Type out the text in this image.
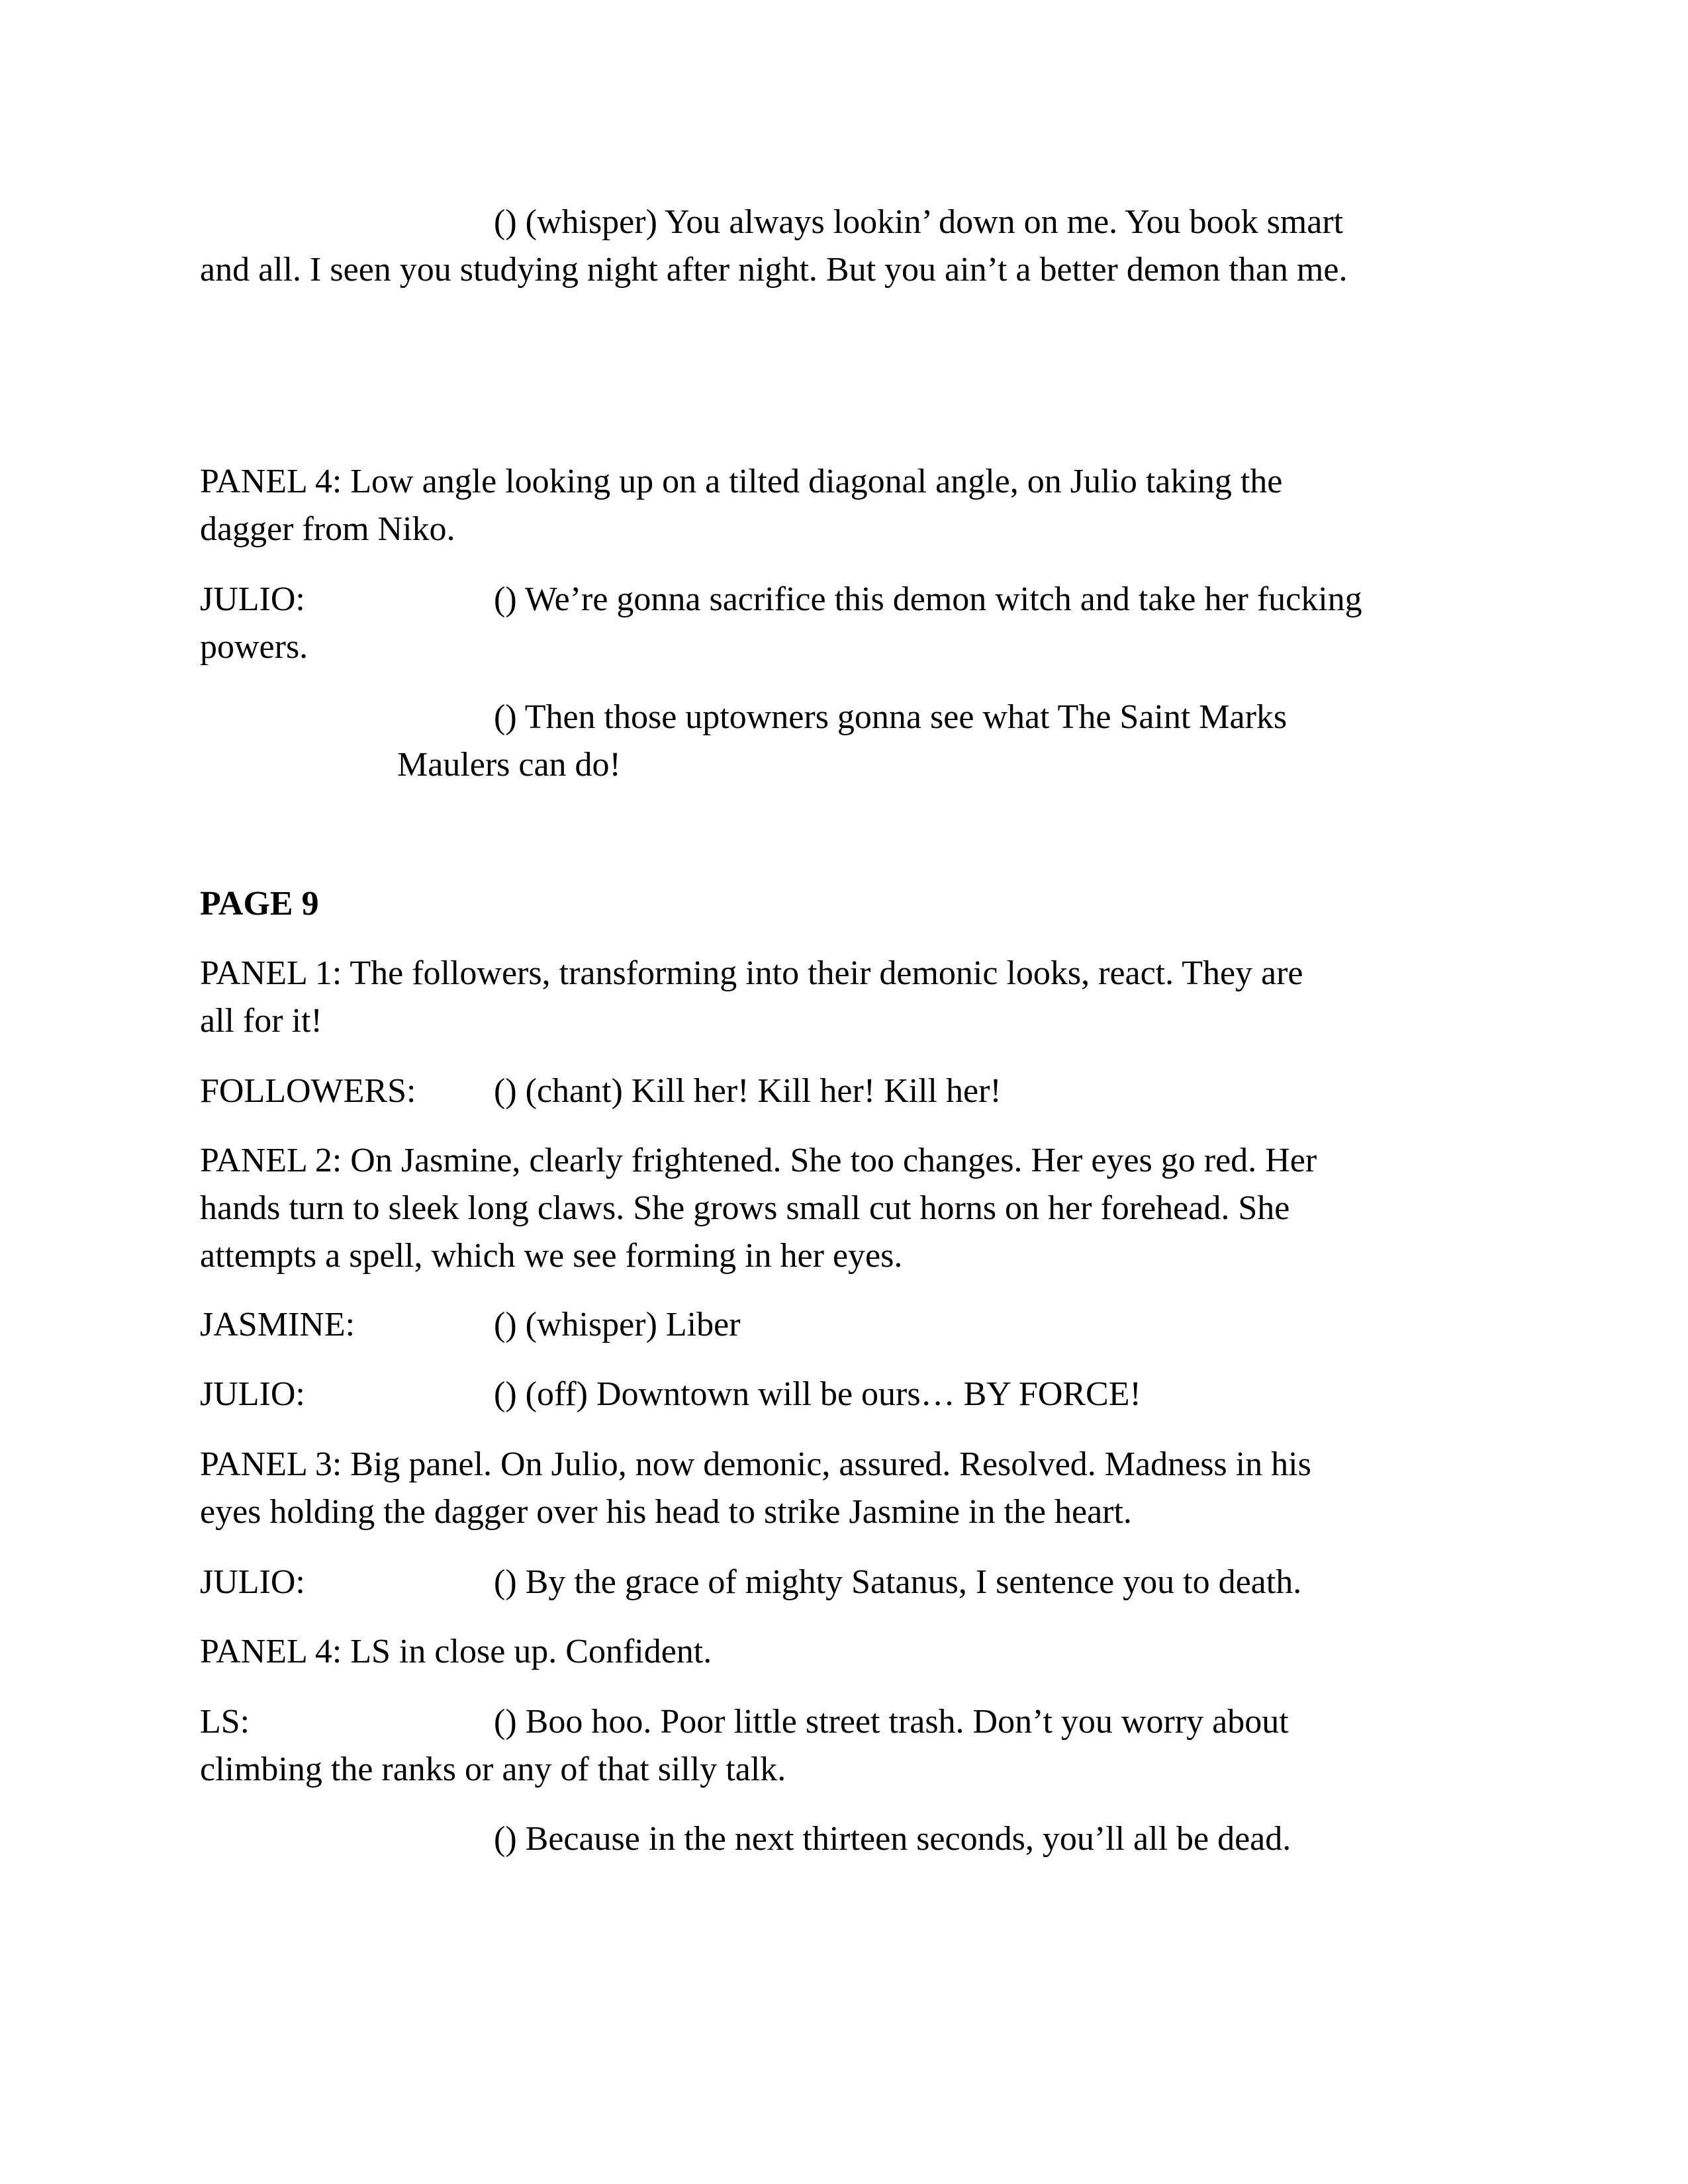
() (whisper) You always lookin’ down on me. You book smart
and all. I seen you studying night after night. But you ain’t a better demon than me.
PANEL 4: Low angle looking up on a tilted diagonal angle, on Julio taking the
dagger from Niko.
JULIO:	() We’re gonna sacrifice this demon witch and take her fucking
powers.
() Then those uptowners gonna see what The Saint Marks
Maulers can do!
PAGE 9
PANEL 1: The followers, transforming into their demonic looks, react. They are
all for it!
FOLLOWERS: () (chant) Kill her! Kill her! Kill her!
PANEL 2: On Jasmine, clearly frightened. She too changes. Her eyes go red. Her
hands turn to sleek long claws. She grows small cut horns on her forehead. She
attempts a spell, which we see forming in her eyes.
JASMINE:	() (whisper) Liber
JULIO:	() (off) Downtown will be ours… BY FORCE!
PANEL 3: Big panel. On Julio, now demonic, assured. Resolved. Madness in his
eyes holding the dagger over his head to strike Jasmine in the heart.
JULIO:	() By the grace of mighty Satanus, I sentence you to death.
PANEL 4: LS in close up. Confident.
LS:	() Boo hoo. Poor little street trash. Don’t you worry about
climbing the ranks or any of that silly talk.
() Because in the next thirteen seconds, you’ll all be dead.
